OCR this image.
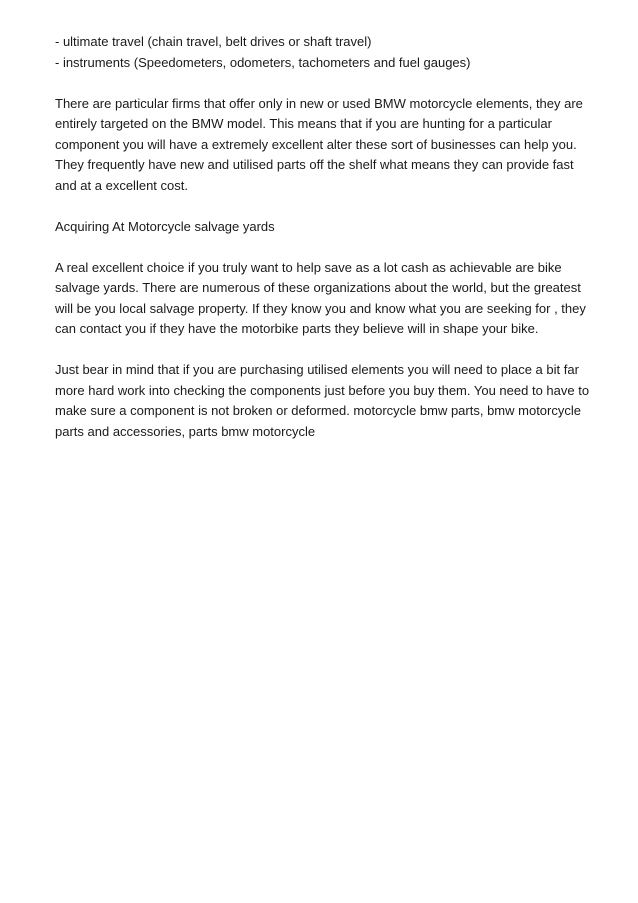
- ultimate travel (chain travel, belt drives or shaft travel)
- instruments (Speedometers, odometers, tachometers and fuel gauges)

There are particular firms that offer only in new or used BMW motorcycle elements, they are
entirely targeted on the BMW model. This means that if you are hunting for a particular
component you will have a extremely excellent alter these sort of businesses can help you.
They frequently have new and utilised parts off the shelf what means they can provide fast
and at a excellent cost.

Acquiring At Motorcycle salvage yards

A real excellent choice if you truly want to help save as a lot cash as achievable are bike
salvage yards. There are numerous of these organizations about the world, but the greatest
will be you local salvage property. If they know you and know what you are seeking for , they
can contact you if they have the motorbike parts they believe will in shape your bike.

Just bear in mind that if you are purchasing utilised elements you will need to place a bit far
more hard work into checking the components just before you buy them. You need to have to
make sure a component is not broken or deformed. motorcycle bmw parts, bmw motorcycle
parts and accessories, parts bmw motorcycle
